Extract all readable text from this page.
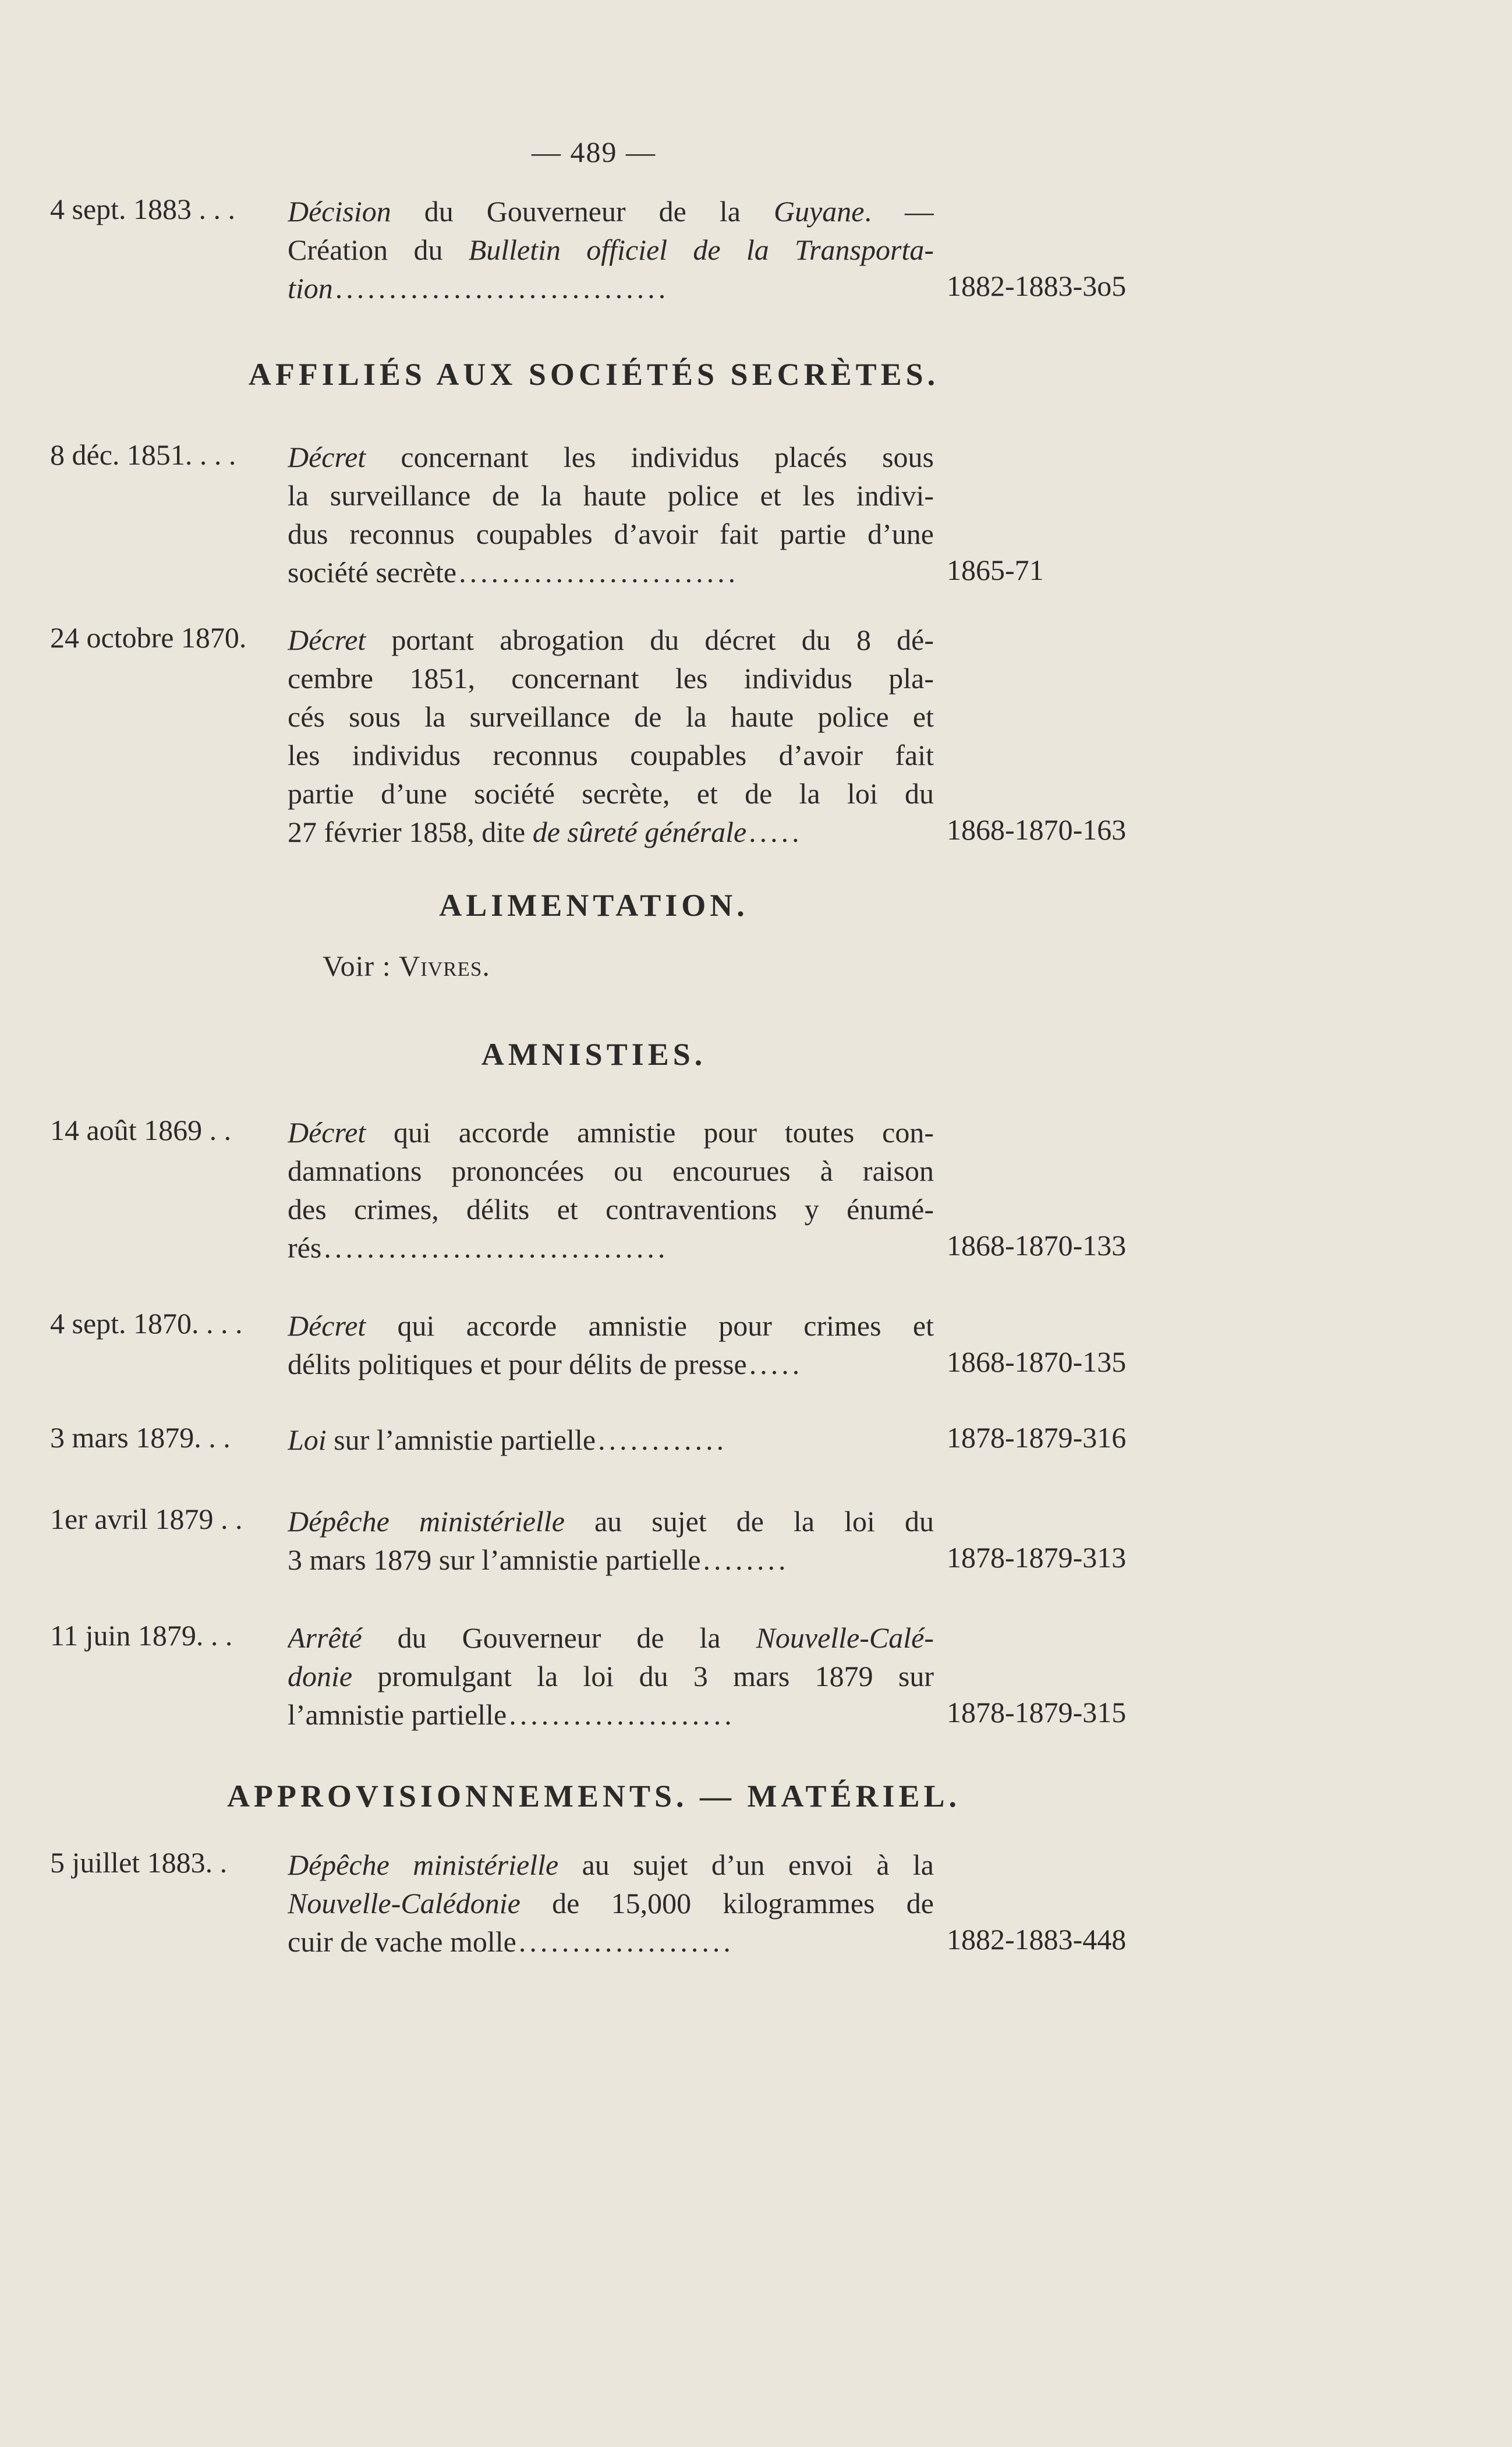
— 489 —
4 sept. 1883 . . . Décision du Gouverneur de la Guyane. —
Création du Bulletin officiel de la Transporta-
tion ...............................	1882-1883-3o5
AFFILIÉS AUX SOCIÉTÉS SECRÈTES.
8 déc. 1851. . . . Décret concernant les individus placés sous
la surveillance de la haute police et les indivi-
dus reconnus coupables d’avoir fait partie d’une
société secrète ..........................	1865-71
24 octobre 1870. Décret portant abrogation du décret du 8 dé-
cembre 1851, concernant les individus pla-
cés sous la surveillance de la haute police et
les individus reconnus coupables d’avoir fait
partie d’une société secrète, et de la loi du
27 février 1858, dite de sûreté générale .....	1868-1870-163
ALIMENTATION.
Voir : Vivres.
AMNISTIES.
14 août 1869 . . Décret qui accorde amnistie pour toutes con-
damnations prononcées ou encourues à raison
des crimes, délits et contraventions y énumé-
rés ................................	1868-1870-133
4 sept. 1870. . . . Décret qui accorde amnistie pour crimes et
délits politiques et pour délits de presse .....	1868-1870-135
3 mars 1879. . . Loi sur l’amnistie partielle ............	1878-1879-316
1er avril 1879 . . Dépêche ministérielle au sujet de la loi du
3 mars 1879 sur l’amnistie partielle ........	1878-1879-313
11 juin 1879. . . Arrêté du Gouverneur de la Nouvelle-Calé-
donie promulgant la loi du 3 mars 1879 sur
l’amnistie partielle .....................	1878-1879-315
APPROVISIONNEMENTS. — MATÉRIEL.
5 juillet 1883. . Dépêche ministérielle au sujet d’un envoi à la
Nouvelle-Calédonie de 15,000 kilogrammes de
cuir de vache molle ....................	1882-1883-448
